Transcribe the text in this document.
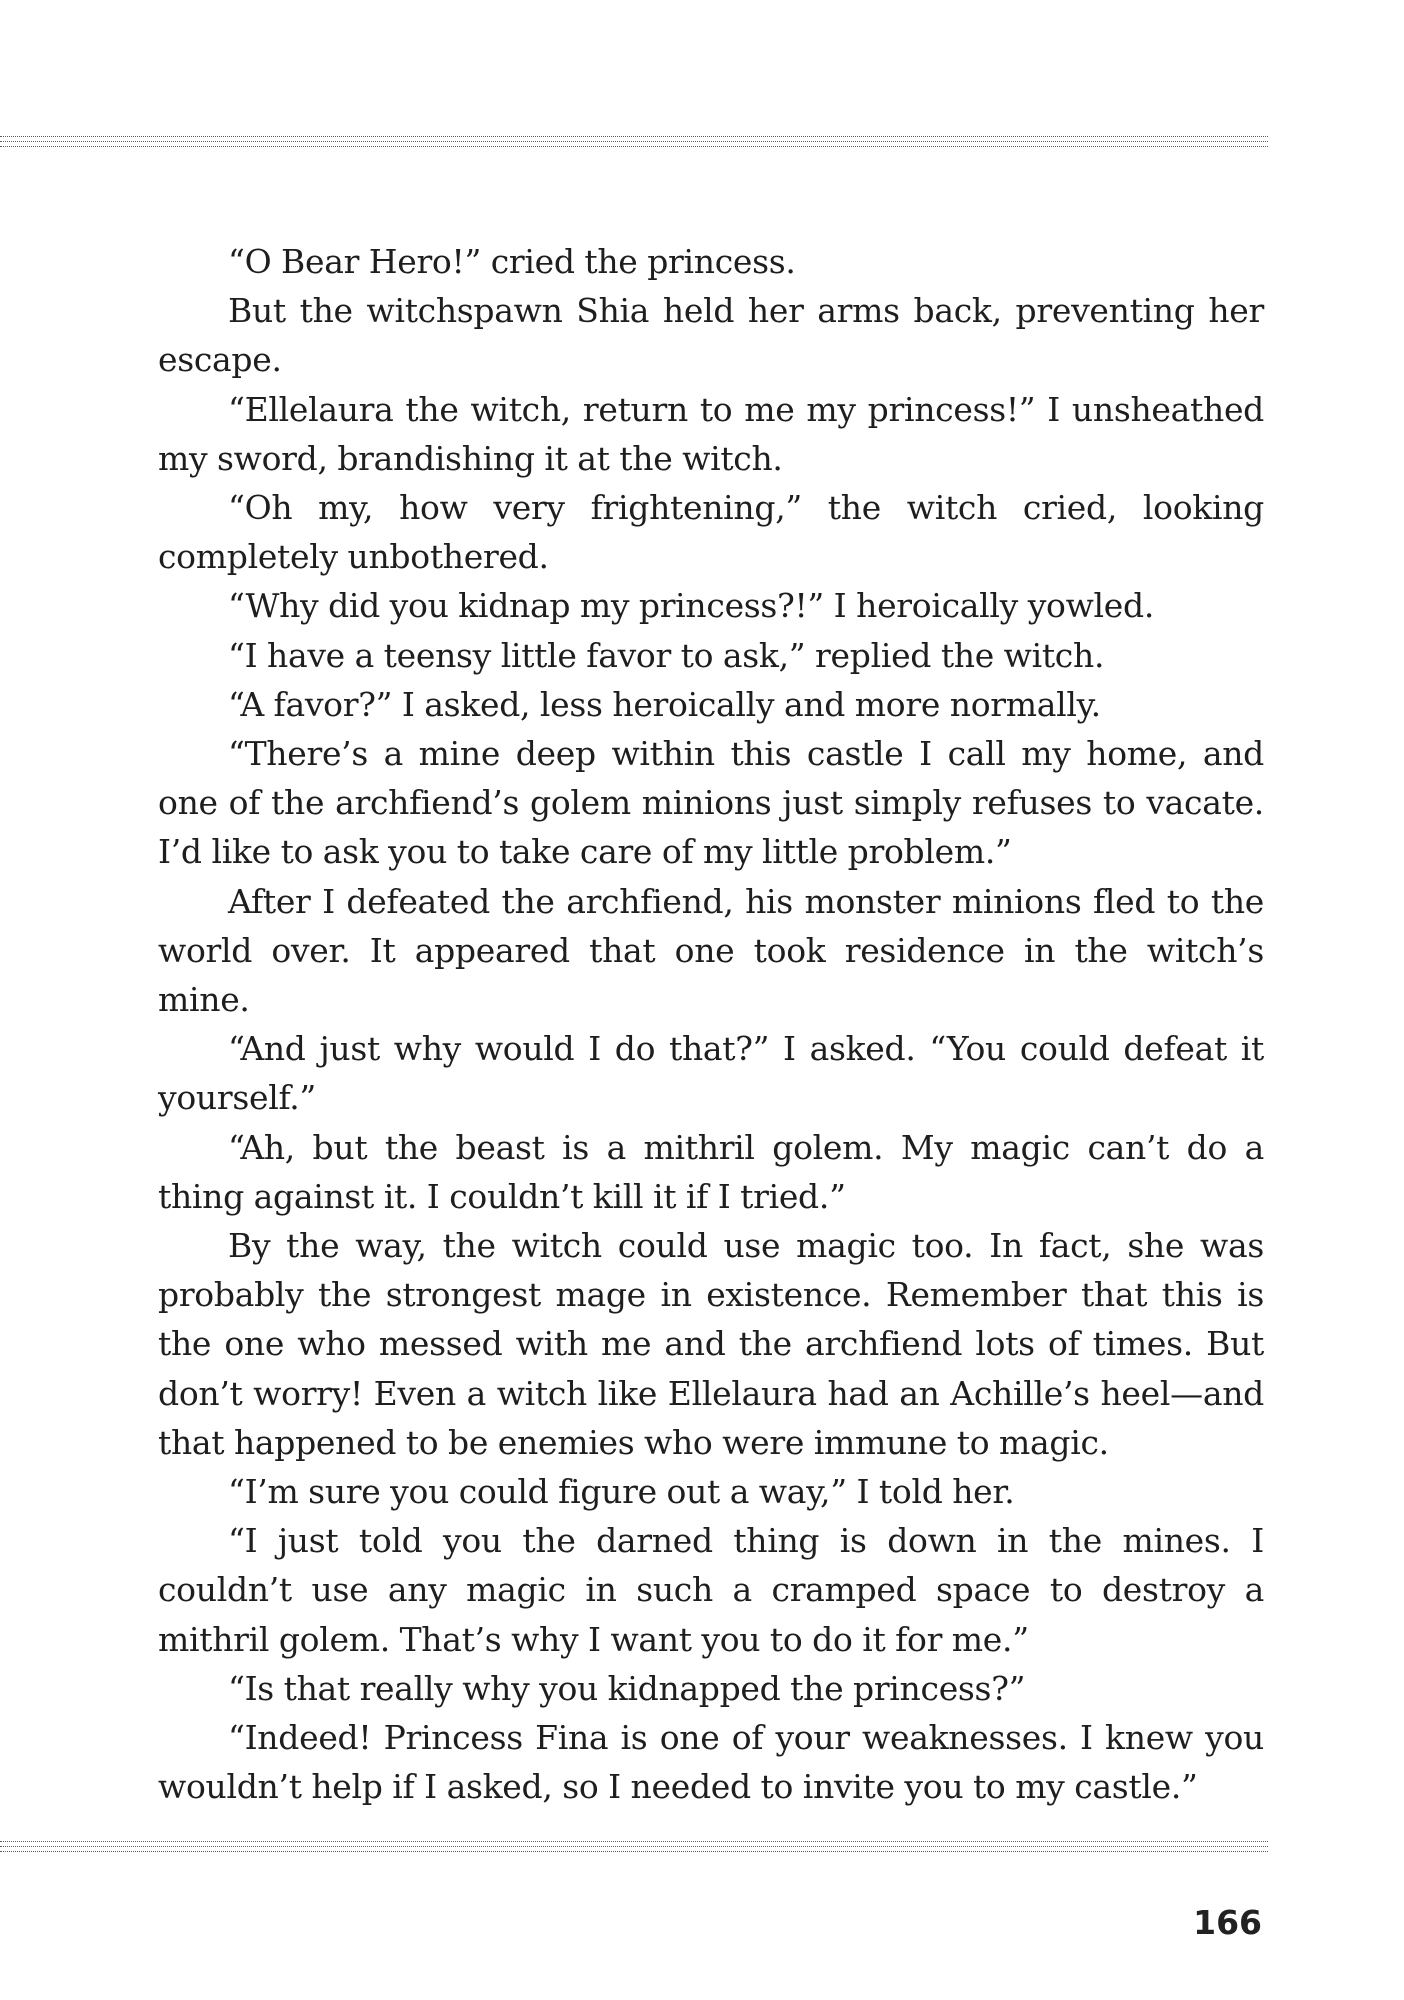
“O Bear Hero!” cried the princess.

But the witchspawn Shia held her arms back, preventing her escape.

“Ellelaura the witch, return to me my princess!” I unsheathed my sword, brandishing it at the witch.

“Oh my, how very frightening,” the witch cried, looking completely unbothered.

“Why did you kidnap my princess?!” I heroically yowled.

“I have a teensy little favor to ask,” replied the witch.

“A favor?” I asked, less heroically and more normally.

“There’s a mine deep within this castle I call my home, and one of the archfiend’s golem minions just simply refuses to vacate. I’d like to ask you to take care of my little problem.”

After I defeated the archfiend, his monster minions fled to the world over. It appeared that one took residence in the witch’s mine.

“And just why would I do that?” I asked. “You could defeat it yourself.”

“Ah, but the beast is a mithril golem. My magic can’t do a thing against it. I couldn’t kill it if I tried.”

By the way, the witch could use magic too. In fact, she was probably the strongest mage in existence. Remember that this is the one who messed with me and the archfiend lots of times. But don’t worry! Even a witch like Ellelaura had an Achille’s heel—and that happened to be enemies who were immune to magic.

“I’m sure you could figure out a way,” I told her.

“I just told you the darned thing is down in the mines. I couldn’t use any magic in such a cramped space to destroy a mithril golem. That’s why I want you to do it for me.”

“Is that really why you kidnapped the princess?”

“Indeed! Princess Fina is one of your weaknesses. I knew you wouldn’t help if I asked, so I needed to invite you to my castle.”

166
